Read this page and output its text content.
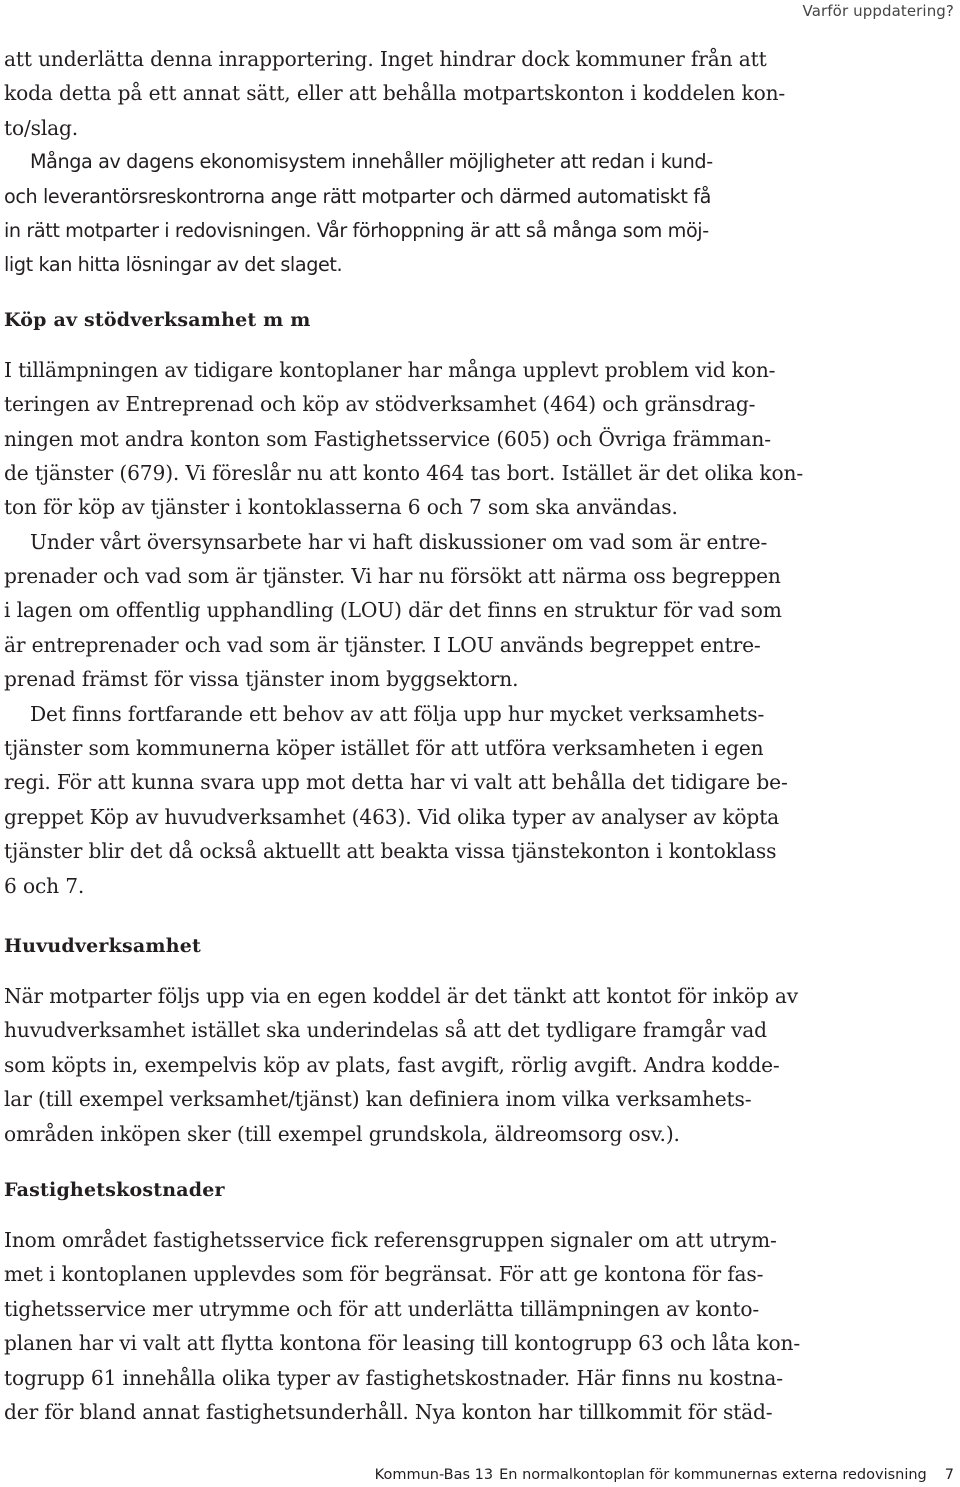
Varför uppdatering?
att underlätta denna inrapportering. Inget hindrar dock kommuner från att
koda detta på ett annat sätt, eller att behålla motpartskonton i koddelen kon-
to/slag.
Många av dagens ekonomisystem innehåller möjligheter att redan i kund-
och leverantörsreskontrorna ange rätt motparter och därmed automatiskt få
in rätt motparter i redovisningen. Vår förhoppning är att så många som möj-
ligt kan hitta lösningar av det slaget.
Köp av stödverksamhet m m
I tillämpningen av tidigare kontoplaner har många upplevt problem vid kon-
teringen av Entreprenad och köp av stödverksamhet (464) och gränsdrag-
ningen mot andra konton som Fastighetsservice (605) och Övriga främman-
de tjänster (679). Vi föreslår nu att konto 464 tas bort. Istället är det olika kon-
ton för köp av tjänster i kontoklasserna 6 och 7 som ska användas.
Under vårt översynsarbete har vi haft diskussioner om vad som är entre-
prenader och vad som är tjänster. Vi har nu försökt att närma oss begreppen
i lagen om offentlig upphandling (LOU) där det finns en struktur för vad som
är entreprenader och vad som är tjänster. I LOU används begreppet entre-
prenad främst för vissa tjänster inom byggsektorn.
Det finns fortfarande ett behov av att följa upp hur mycket verksamhets-
tjänster som kommunerna köper istället för att utföra verksamheten i egen
regi. För att kunna svara upp mot detta har vi valt att behålla det tidigare be-
greppet Köp av huvudverksamhet (463). Vid olika typer av analyser av köpta
tjänster blir det då också aktuellt att beakta vissa tjänstekonton i kontoklass
6 och 7.
Huvudverksamhet
När motparter följs upp via en egen koddel är det tänkt att kontot för inköp av
huvudverksamhet istället ska underindelas så att det tydligare framgår vad
som köpts in, exempelvis köp av plats, fast avgift, rörlig avgift. Andra kodde-
lar (till exempel verksamhet/tjänst) kan definiera inom vilka verksamhets-
områden inköpen sker (till exempel grundskola, äldreomsorg osv.).
Fastighetskostnader
Inom området fastighetsservice fick referensgruppen signaler om att utrym-
met i kontoplanen upplevdes som för begränsat. För att ge kontona för fas-
tighetsservice mer utrymme och för att underlätta tillämpningen av konto-
planen har vi valt att flytta kontona för leasing till kontogrupp 63 och låta kon-
togrupp 61 innehålla olika typer av fastighetskostnader. Här finns nu kostna-
der för bland annat fastighetsunderhåll. Nya konton har tillkommit för städ-
Kommun-Bas 13 En normalkontoplan för kommunernas externa redovisning 7
